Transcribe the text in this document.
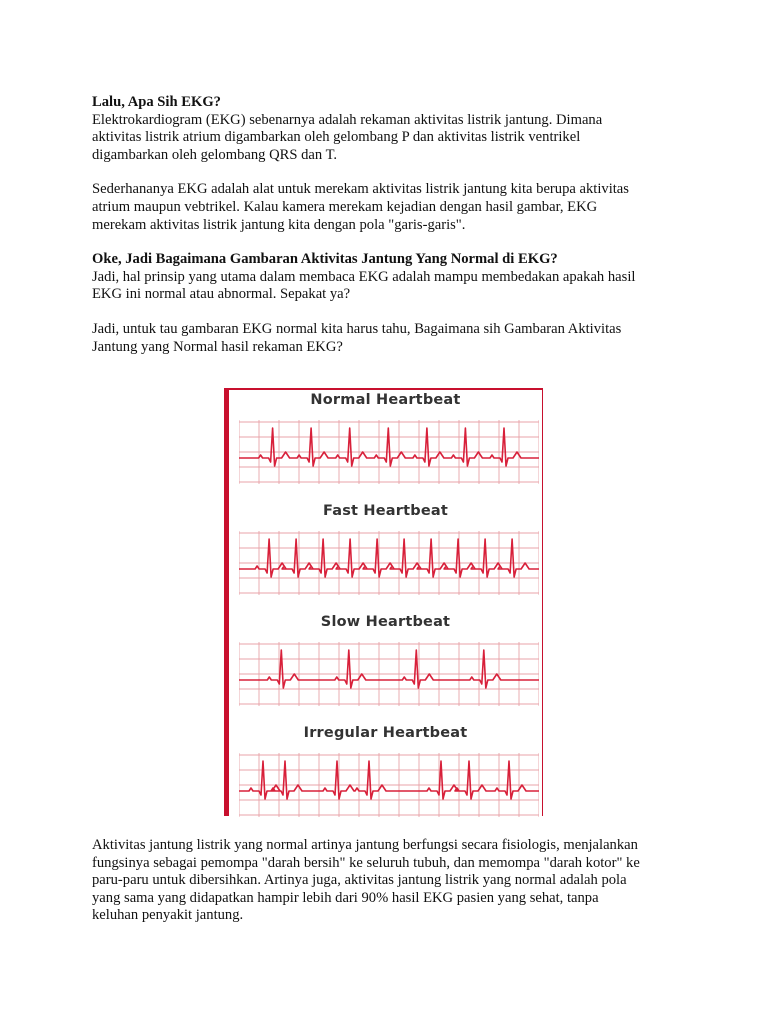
Lalu, Apa Sih EKG?

Elektrokardiogram (EKG) sebenarnya adalah rekaman aktivitas listrik jantung. Dimana

aktivitas listrik atrium digambarkan oleh gelombang P dan aktivitas listrik ventrikel

digambarkan oleh gelombang QRS dan T.

Sederhananya EKG adalah alat untuk merekam aktivitas listrik jantung kita berupa aktivitas

atrium maupun vebtrikel. Kalau kamera merekam kejadian dengan hasil gambar, EKG

merekam aktivitas listrik jantung kita dengan pola "garis-garis".

Oke, Jadi Bagaimana Gambaran Aktivitas Jantung Yang Normal di EKG?

Jadi, hal prinsip yang utama dalam membaca EKG adalah mampu membedakan apakah hasil

EKG ini normal atau abnormal. Sepakat ya?

Jadi, untuk tau gambaran EKG normal kita harus tahu, Bagaimana sih Gambaran Aktivitas

Jantung yang Normal hasil rekaman EKG?

Normal Heartbeat
Fast Heartbeat
Slow Heartbeat
Irregular Heartbeat

Aktivitas jantung listrik yang normal artinya jantung berfungsi secara fisiologis, menjalankan

fungsinya sebagai pemompa "darah bersih" ke seluruh tubuh, dan memompa "darah kotor" ke

paru-paru untuk dibersihkan. Artinya juga, aktivitas jantung listrik yang normal adalah pola

yang sama yang didapatkan hampir lebih dari 90% hasil EKG pasien yang sehat, tanpa

keluhan penyakit jantung.
